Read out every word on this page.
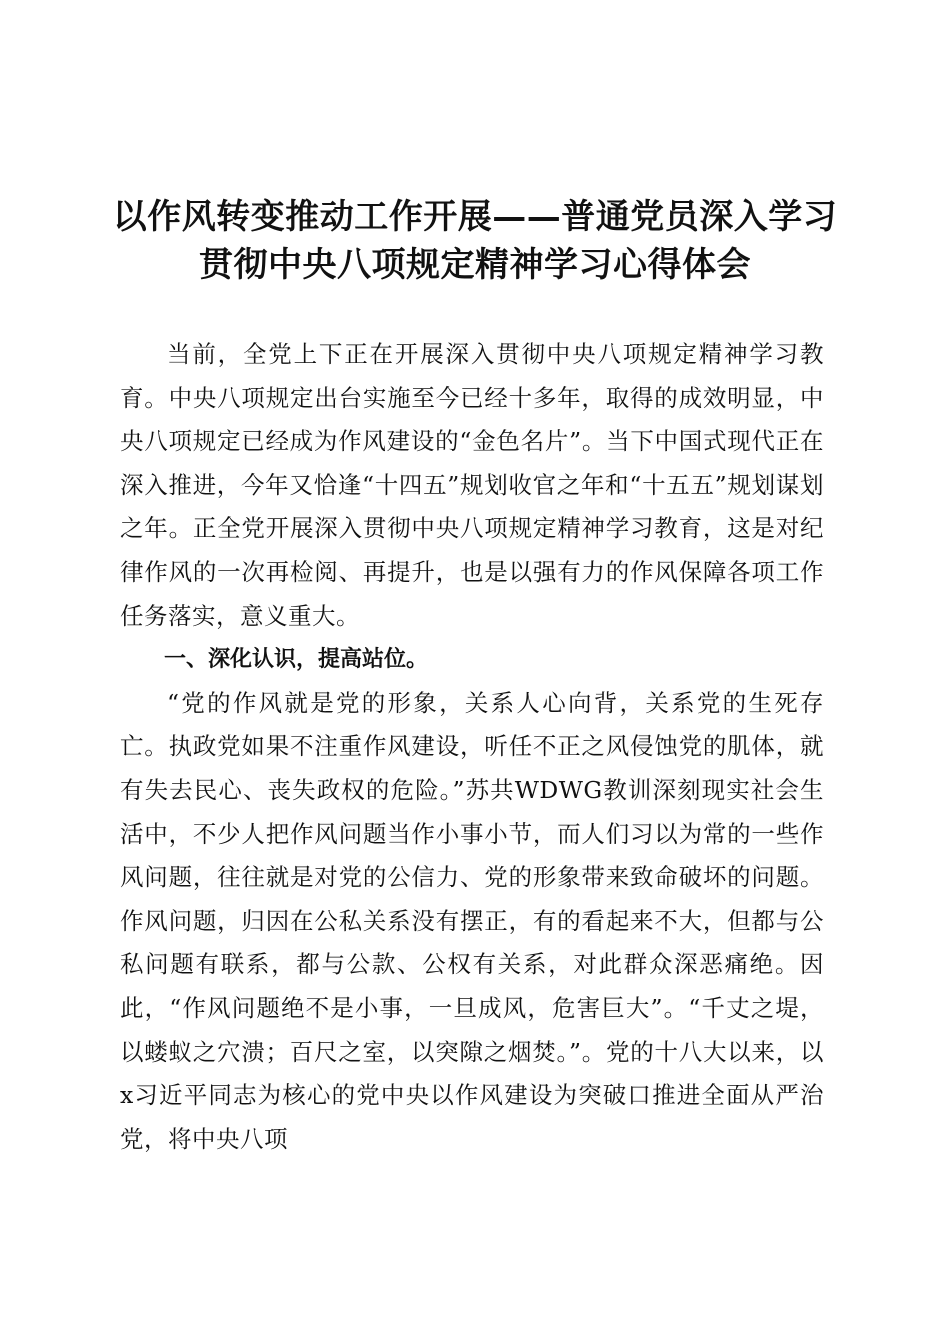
以作风转变推动工作开展——普通党员深入学习贯彻中央八项规定精神学习心得体会

当前，全党上下正在开展深入贯彻中央八项规定精神学习教育。中央八项规定出台实施至今已经十多年，取得的成效明显，中央八项规定已经成为作风建设的“金色名片”。当下中国式现代正在深入推进，今年又恰逢“十四五”规划收官之年和“十五五”规划谋划之年。正全党开展深入贯彻中央八项规定精神学习教育，这是对纪律作风的一次再检阅、再提升，也是以强有力的作风保障各项工作任务落实，意义重大。

一、深化认识，提高站位。

“党的作风就是党的形象，关系人心向背，关系党的生死存亡。执政党如果不注重作风建设，听任不正之风侵蚀党的肌体，就有失去民心、丧失政权的危险。”苏共WDWG教训深刻现实社会生活中，不少人把作风问题当作小事小节，而人们习以为常的一些作风问题，往往就是对党的公信力、党的形象带来致命破坏的问题。作风问题，归因在公私关系没有摆正，有的看起来不大，但都与公私问题有联系，都与公款、公权有关系，对此群众深恶痛绝。因此，“作风问题绝不是小事，一旦成风，危害巨大”。“千丈之堤，以蝼蚁之穴溃；百尺之室，以突隙之烟焚。”。党的十八大以来，以x习近平同志为核心的党中央以作风建设为突破口推进全面从严治党，将中央八项
